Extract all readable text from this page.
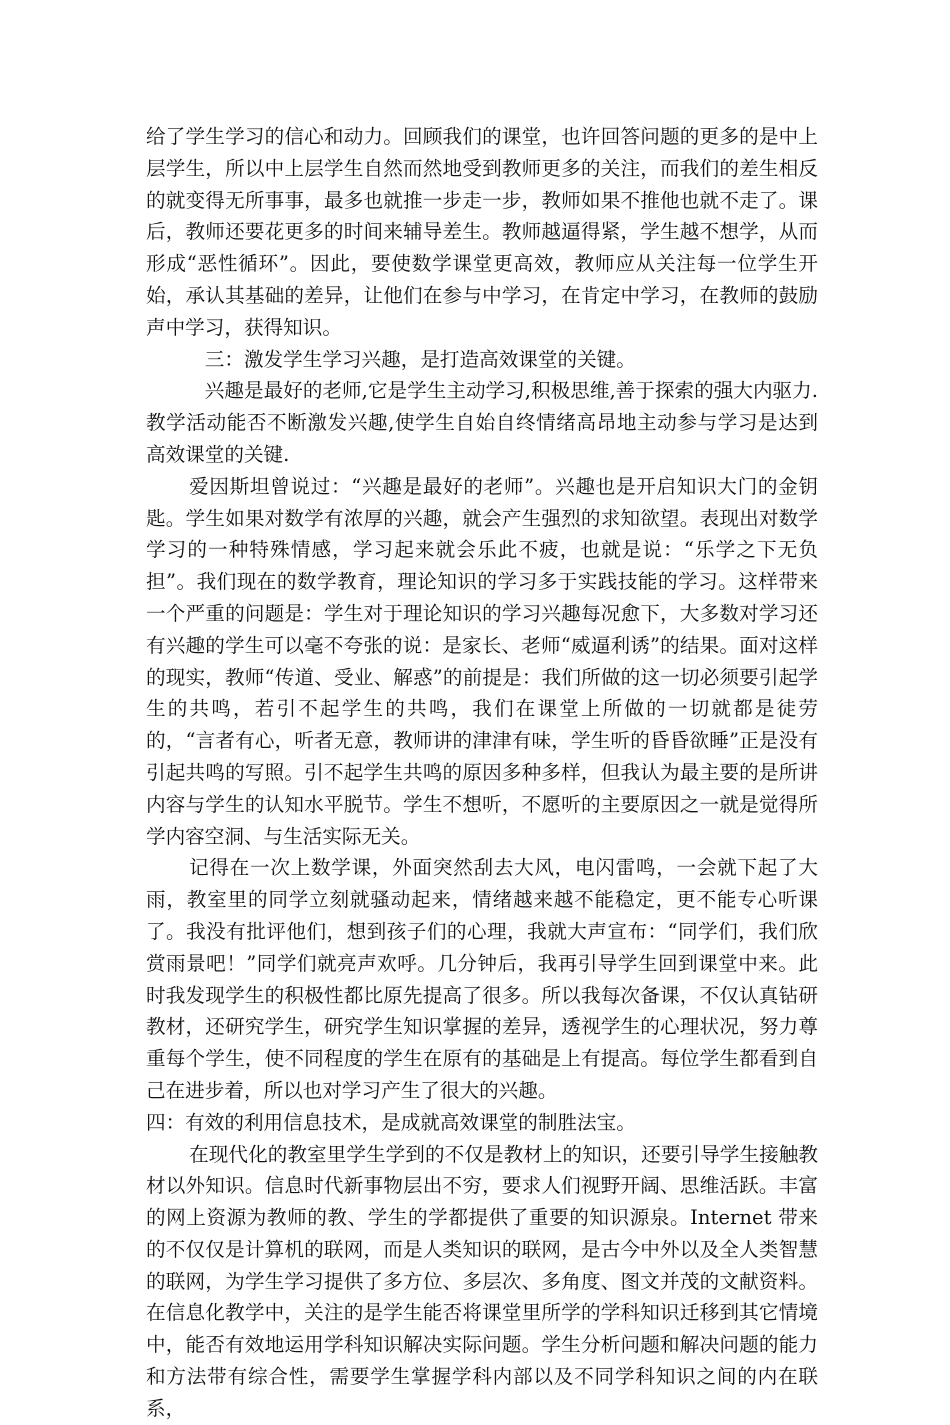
给了学生学习的信心和动力。回顾我们的课堂，也许回答问题的更多的是中上层学生，所以中上层学生自然而然地受到教师更多的关注，而我们的差生相反的就变得无所事事，最多也就推一步走一步，教师如果不推他也就不走了。课后，教师还要花更多的时间来辅导差生。教师越逼得紧，学生越不想学，从而形成“恶性循环”。因此，要使数学课堂更高效，教师应从关注每一位学生开始，承认其基础的差异，让他们在参与中学习，在肯定中学习，在教师的鼓励声中学习，获得知识。

三：激发学生学习兴趣，是打造高效课堂的关键。

兴趣是最好的老师,它是学生主动学习,积极思维,善于探索的强大内驱力.教学活动能否不断激发兴趣,使学生自始自终情绪高昂地主动参与学习是达到高效课堂的关键.

爱因斯坦曾说过：“兴趣是最好的老师”。兴趣也是开启知识大门的金钥匙。学生如果对数学有浓厚的兴趣，就会产生强烈的求知欲望。表现出对数学学习的一种特殊情感，学习起来就会乐此不疲，也就是说：“乐学之下无负担”。我们现在的数学教育，理论知识的学习多于实践技能的学习。这样带来一个严重的问题是：学生对于理论知识的学习兴趣每况愈下，大多数对学习还有兴趣的学生可以毫不夸张的说：是家长、老师“威逼利诱”的结果。面对这样的现实，教师“传道、受业、解惑”的前提是：我们所做的这一切必须要引起学生的共鸣，若引不起学生的共鸣，我们在课堂上所做的一切就都是徒劳的，“言者有心，听者无意，教师讲的津津有味，学生听的昏昏欲睡”正是没有引起共鸣的写照。引不起学生共鸣的原因多种多样，但我认为最主要的是所讲内容与学生的认知水平脱节。学生不想听，不愿听的主要原因之一就是觉得所学内容空洞、与生活实际无关。

记得在一次上数学课，外面突然刮去大风，电闪雷鸣，一会就下起了大雨，教室里的同学立刻就骚动起来，情绪越来越不能稳定，更不能专心听课了。我没有批评他们，想到孩子们的心理，我就大声宣布：“同学们，我们欣赏雨景吧！”同学们就亮声欢呼。几分钟后，我再引导学生回到课堂中来。此时我发现学生的积极性都比原先提高了很多。所以我每次备课，不仅认真钻研教材，还研究学生，研究学生知识掌握的差异，透视学生的心理状况，努力尊重每个学生，使不同程度的学生在原有的基础是上有提高。每位学生都看到自己在进步着，所以也对学习产生了很大的兴趣。

四：有效的利用信息技术，是成就高效课堂的制胜法宝。

在现代化的教室里学生学到的不仅是教材上的知识，还要引导学生接触教材以外知识。信息时代新事物层出不穷，要求人们视野开阔、思维活跃。丰富的网上资源为教师的教、学生的学都提供了重要的知识源泉。Internet 带来的不仅仅是计算机的联网，而是人类知识的联网，是古今中外以及全人类智慧的联网，为学生学习提供了多方位、多层次、多角度、图文并茂的文献资料。在信息化教学中，关注的是学生能否将课堂里所学的学科知识迁移到其它情境中，能否有效地运用学科知识解决实际问题。学生分析问题和解决问题的能力和方法带有综合性，需要学生掌握学科内部以及不同学科知识之间的内在联系，
